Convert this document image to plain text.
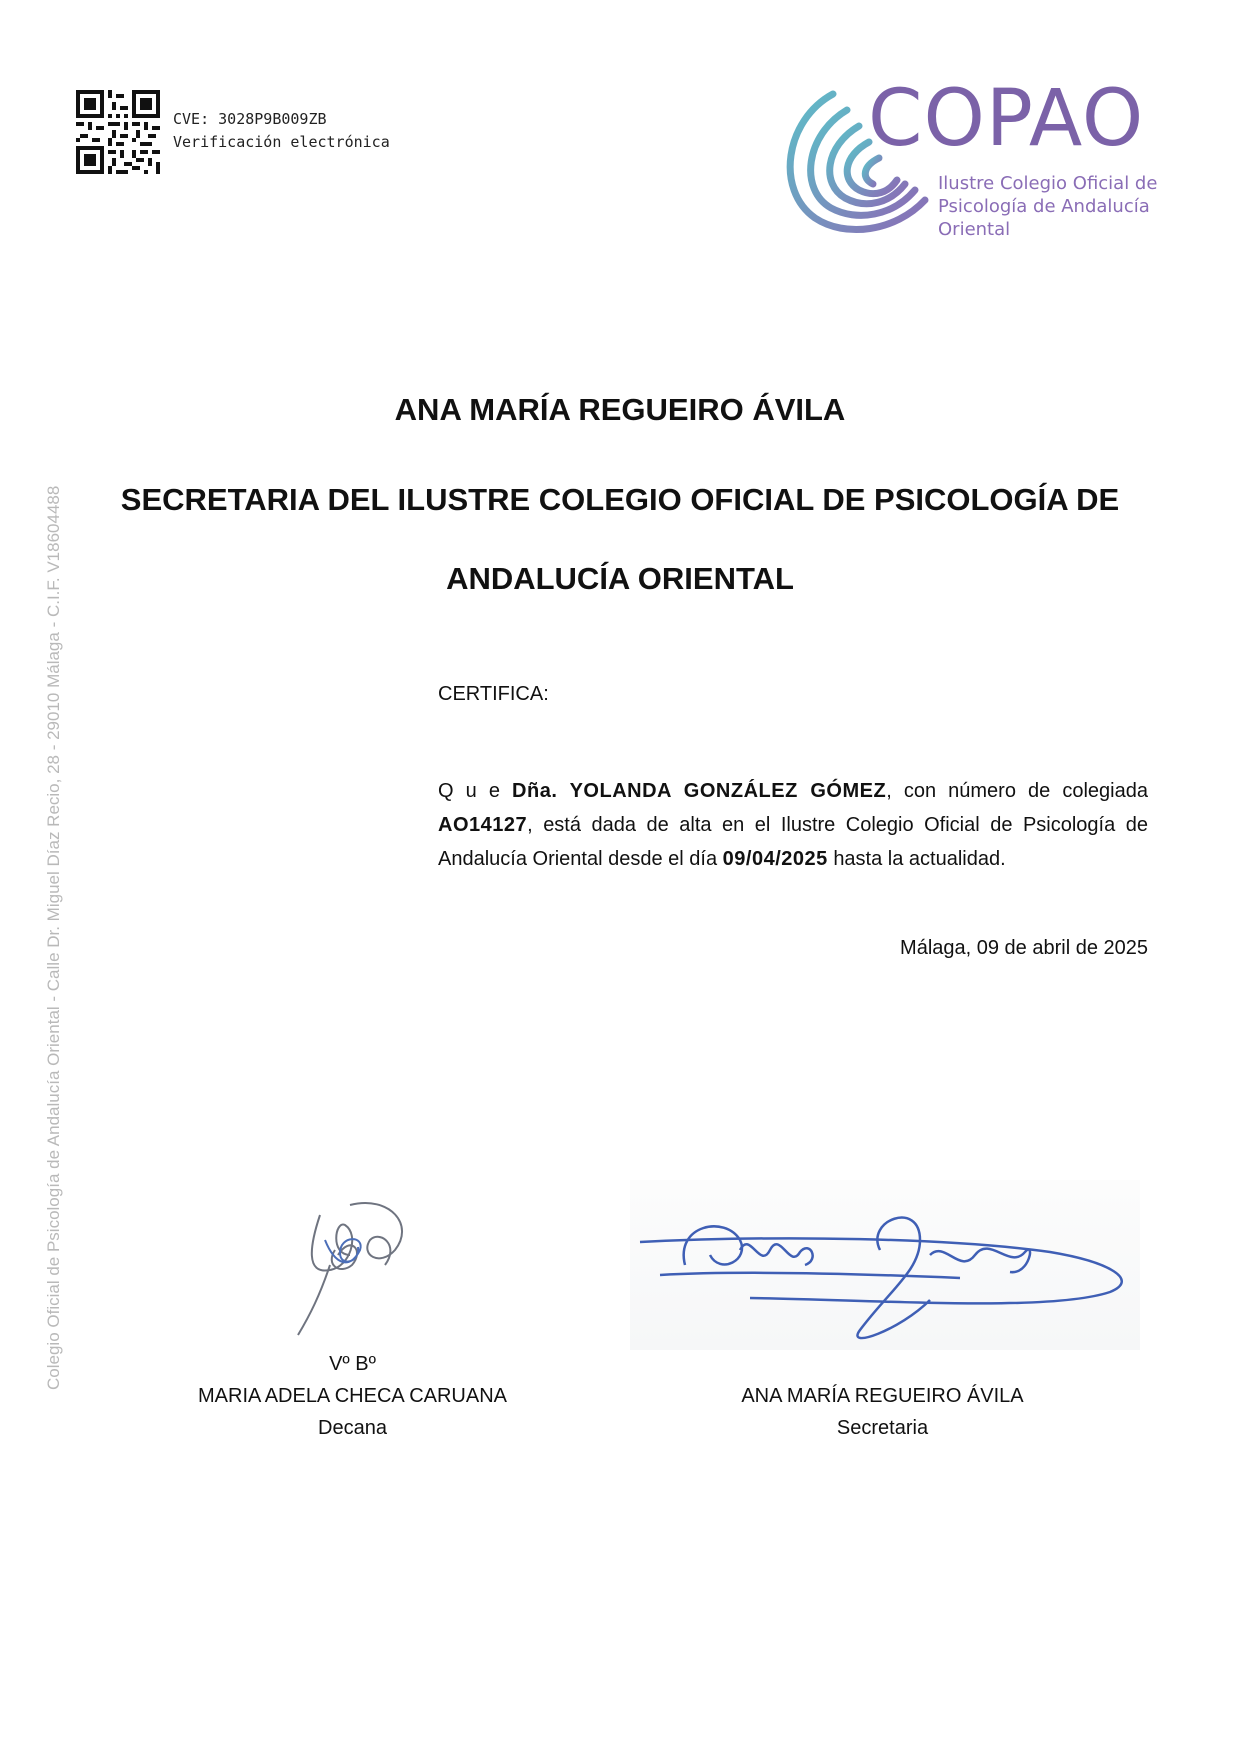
CVE: 3028P9B009ZB
Verificación electrónica	COPAO
Ilustre Colegio Oficial de
Psicología de Andalucía
Oriental
Colegio Oficial de Psicología de Andalucía Oriental - Calle Dr. Miguel Díaz Recio, 28 - 29010 Málaga - C.I.F. V18604488
ANA MARÍA REGUEIRO ÁVILA
SECRETARIA DEL ILUSTRE COLEGIO OFICIAL DE PSICOLOGÍA DE
ANDALUCÍA ORIENTAL
CERTIFICA:
Q u e Dña. YOLANDA GONZÁLEZ GÓMEZ, con número de colegiada AO14127, está dada de alta en el Ilustre Colegio Oficial de Psicología de Andalucía Oriental desde el día 09/04/2025 hasta la actualidad.
Málaga, 09 de abril de 2025
Vº Bº
MARIA ADELA CHECA CARUANA
Decana
ANA MARÍA REGUEIRO ÁVILA
Secretaria
